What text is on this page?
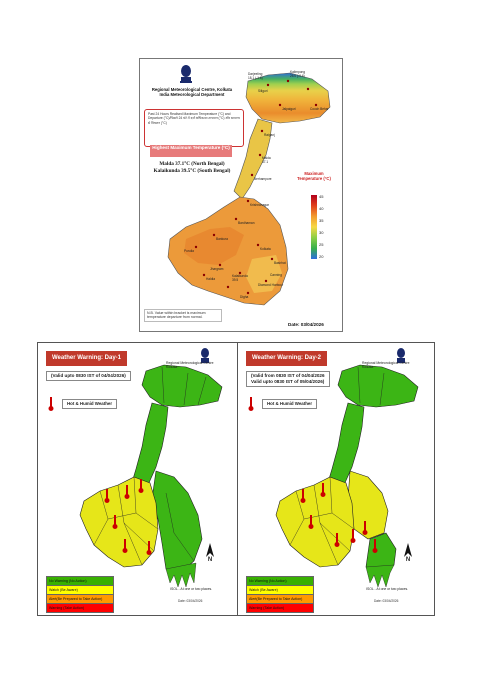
Regional Meteorological Centre, Kolkata
India Meteorological Department
Past 24 Hours Realised Maximum Temperature (°C) and Departure (°C)/पिछले 24 घंटे में दर्ज अधिकतम तापमान (°C) और सामान्य से विचलन (°C)
Highest Maximum Temperature (°C)
Malda 37.1°C (North Bengal)
Kalaikunda 39.5°C (South Bengal)	Maximum Temperature (°C)
45
40
35
30
25
20
Darjeeling
18.1 (-1.6)
Kalimpong
25.0 (-0.6)
Siliguri
Jalpaiguri	Cooch Behar
Raiganj
Malda
37.1
Berhampore
Krishnanagar
Bardhaman
Bankura
Purulia
Jhargram
Kalaikunda
39.5
Kolkata
Basirhat
Diamond Harbour
Canning
Digha
Haldia
N.B. Value within bracket is maximum temperature departure from normal.
Date: 03/04/2026
Weather Warning: Day-1
Regional Meteorological Centre Kolkata
(Valid upto 0830 IST of 04/04/2026)
Hot & Humid Weather
N
No Warning (No Action)
Watch (Be Aware)
Alert(Be Prepared to Take Action)
Warning (Take Action)
ISOL - At one or two places.
Date: 03/04/2026
Weather Warning: Day-2
Regional Meteorological Centre Kolkata
(Valid from 0830 IST of 04/04/2026
Valid upto 0830 IST of 05/04/2026)
Hot & Humid Weather
N
No Warning (No Action)
Watch (Be Aware)
Alert(Be Prepared to Take Action)
Warning (Take Action)
ISOL - At one or two places.
Date: 03/04/2026
